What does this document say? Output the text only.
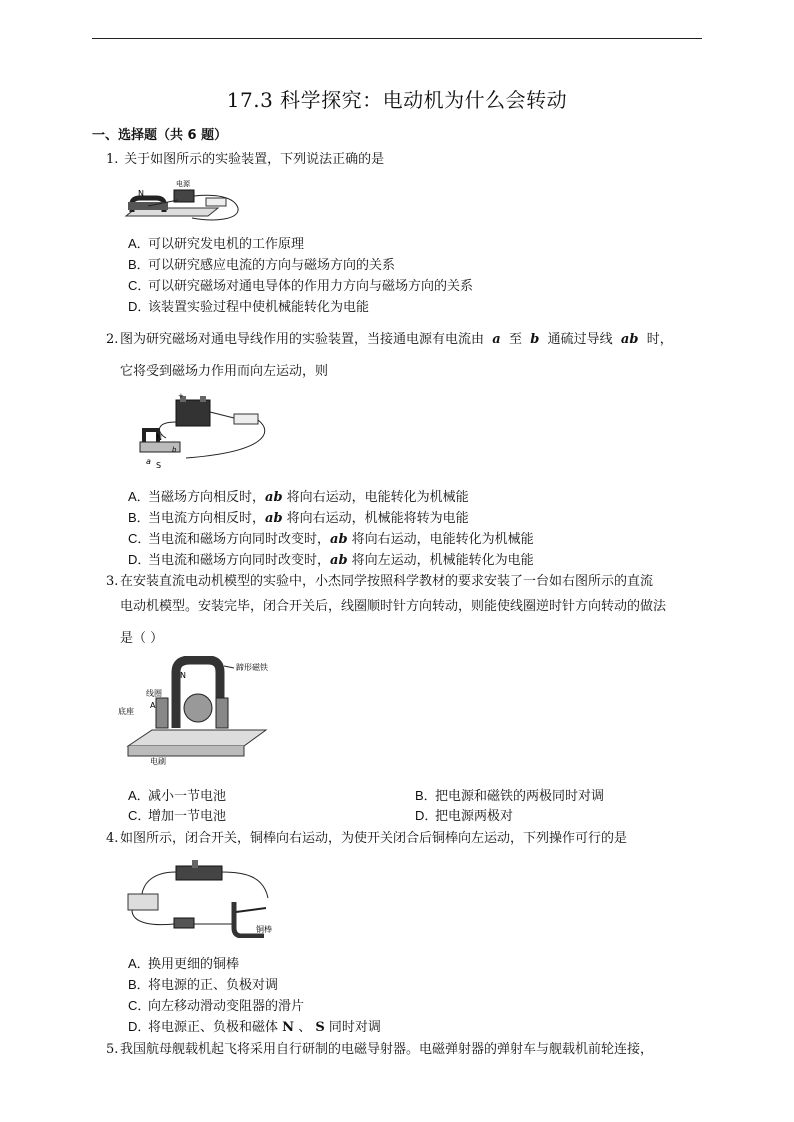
17.3 科学探究：电动机为什么会转动
一、选择题（共 6 题）
1. 关于如图所示的实验装置，下列说法正确的是
N
电源
A．可以研究发电机的工作原理
B．可以研究感应电流的方向与磁场方向的关系
C．可以研究磁场对通电导体的作用力方向与磁场方向的关系
D．该装置实验过程中使机械能转化为电能
2. 图为研究磁场对通电导线作用的实验装置，当接通电源有电流由 a 至 b 通硫过导线 ab 时，
它将受到磁场力作用而向左运动，则
+
N
b
a S
A．当磁场方向相反时，ab 将向右运动，电能转化为机械能
B．当电流方向相反时，ab 将向右运动，机械能将转为电能
C．当电流和磁场方向同时改变时，ab 将向右运动，电能转化为机械能
D．当电流和磁场方向同时改变时，ab 将向左运动，机械能转化为电能
3. 在安装直流电动机模型的实验中，小杰同学按照科学教材的要求安装了一台如右图所示的直流
电动机模型。安装完毕，闭合开关后，线圈顺时针方向转动，则能使线圈逆时针方向转动的做法
是（ ）
N
蹄形磁铁
线圈
A
底座
电刷
A．减小一节电池	B．把电源和磁铁的两极同时对调
C．增加一节电池	D．把电源两极对
4. 如图所示，闭合开关，铜棒向右运动，为使开关闭合后铜棒向左运动，下列操作可行的是
铜棒
A．换用更细的铜棒
B．将电源的正、负极对调
C．向左移动滑动变阻器的滑片
D．将电源正、负极和磁体 N 、 S 同时对调
5. 我国航母舰载机起飞将采用自行研制的电磁导射器。电磁弹射器的弹射车与舰载机前轮连接，
